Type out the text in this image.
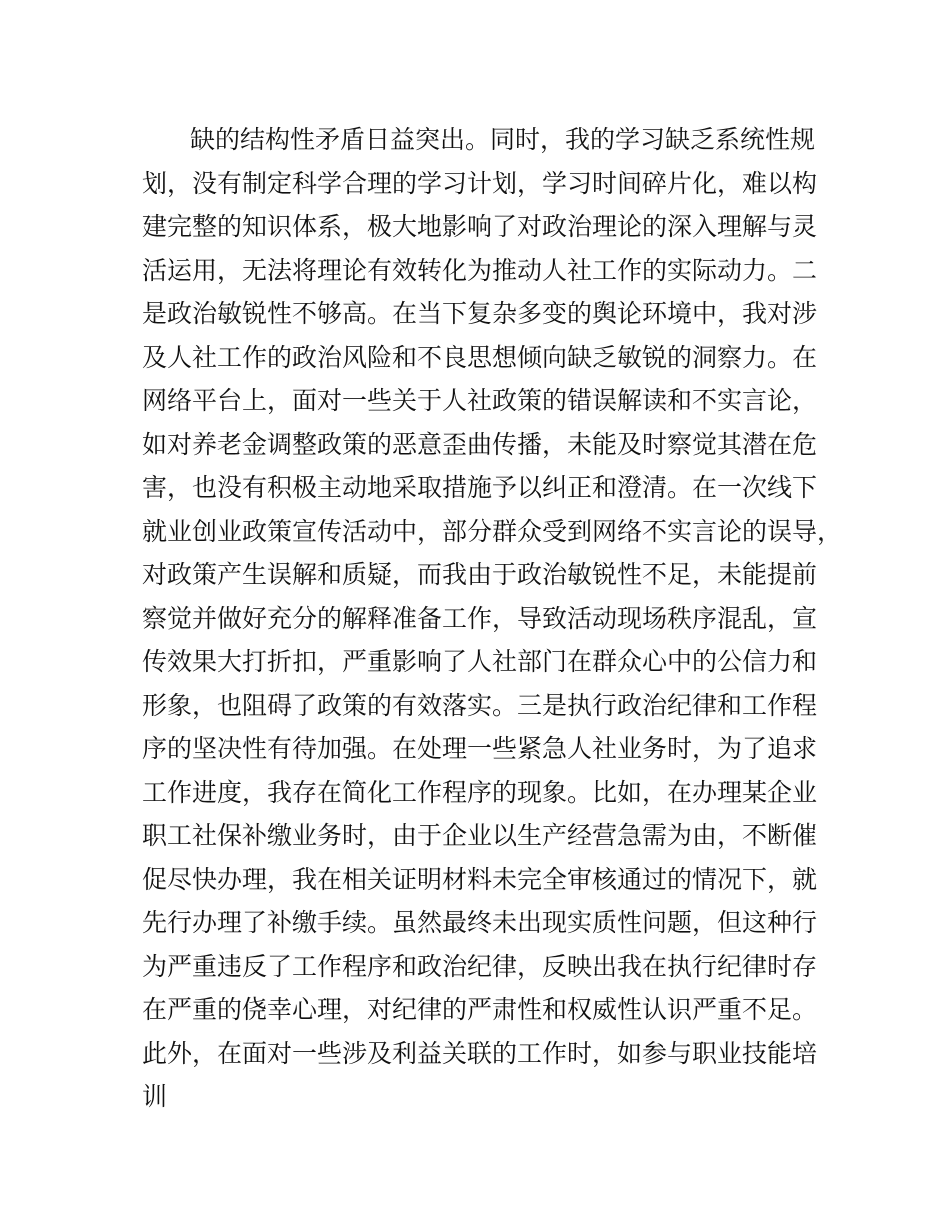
缺的结构性矛盾日益突出。同时，我的学习缺乏系统性规
划，没有制定科学合理的学习计划，学习时间碎片化，难以构
建完整的知识体系，极大地影响了对政治理论的深入理解与灵
活运用，无法将理论有效转化为推动人社工作的实际动力。二
是政治敏锐性不够高。在当下复杂多变的舆论环境中，我对涉
及人社工作的政治风险和不良思想倾向缺乏敏锐的洞察力。在
网络平台上，面对一些关于人社政策的错误解读和不实言论，
如对养老金调整政策的恶意歪曲传播，未能及时察觉其潜在危
害，也没有积极主动地采取措施予以纠正和澄清。在一次线下
就业创业政策宣传活动中，部分群众受到网络不实言论的误导，
对政策产生误解和质疑，而我由于政治敏锐性不足，未能提前
察觉并做好充分的解释准备工作，导致活动现场秩序混乱，宣
传效果大打折扣，严重影响了人社部门在群众心中的公信力和
形象，也阻碍了政策的有效落实。三是执行政治纪律和工作程
序的坚决性有待加强。在处理一些紧急人社业务时，为了追求
工作进度，我存在简化工作程序的现象。比如，在办理某企业
职工社保补缴业务时，由于企业以生产经营急需为由，不断催
促尽快办理，我在相关证明材料未完全审核通过的情况下，就
先行办理了补缴手续。虽然最终未出现实质性问题，但这种行
为严重违反了工作程序和政治纪律，反映出我在执行纪律时存
在严重的侥幸心理，对纪律的严肃性和权威性认识严重不足。
此外，在面对一些涉及利益关联的工作时，如参与职业技能培
训
